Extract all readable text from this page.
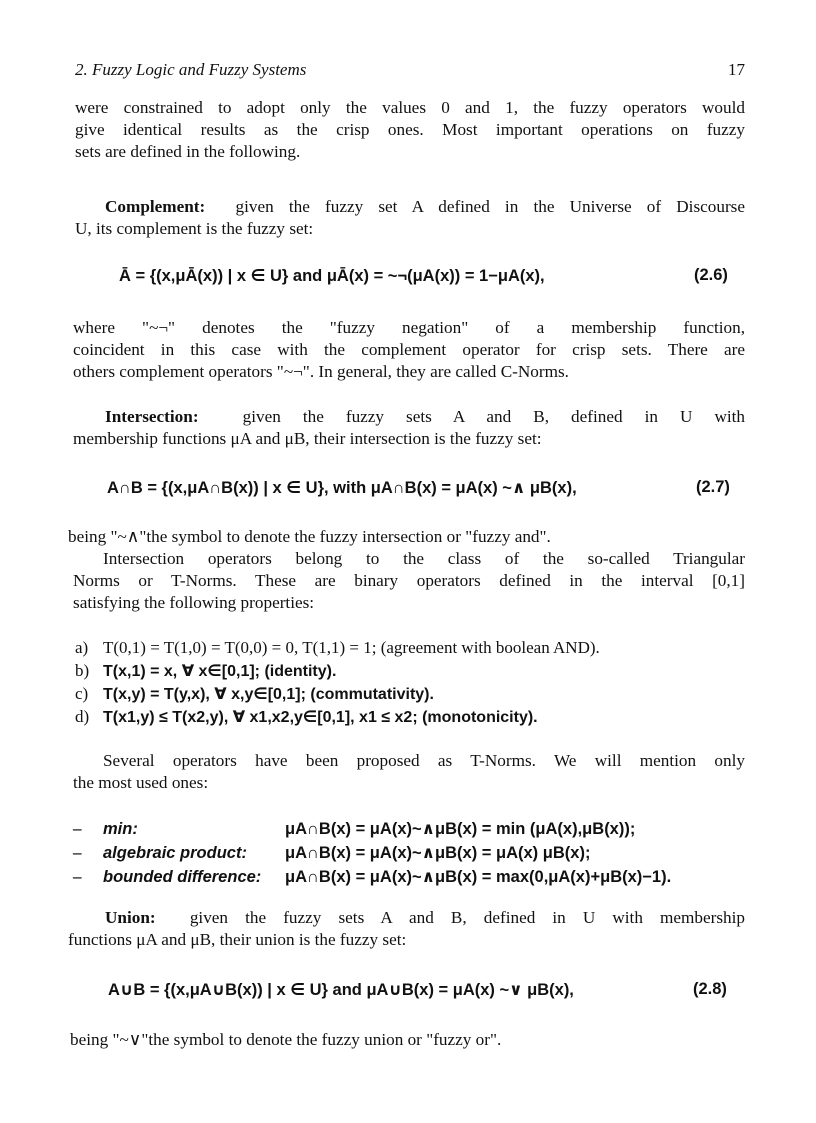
2. Fuzzy Logic and Fuzzy Systems	17
were constrained to adopt only the values 0 and 1, the fuzzy operators would
give identical results as the crisp ones. Most important operations on fuzzy
sets are defined in the following.
Complement: given the fuzzy set A defined in the Universe of Discourse
U, its complement is the fuzzy set:
Ā = {(x,μĀ(x)) | x ∈ U} and μĀ(x) = ~¬(μA(x)) = 1−μA(x),	(2.6)
where "~¬" denotes the "fuzzy negation" of a membership function,
coincident in this case with the complement operator for crisp sets. There are
others complement operators "~¬". In general, they are called C-Norms.
Intersection:	given the fuzzy sets A and B, defined in U with
membership functions μA and μB, their intersection is the fuzzy set:
A∩B = {(x,μA∩B(x)) | x ∈ U}, with μA∩B(x) = μA(x) ~∧ μB(x),	(2.7)
being "~∧"the symbol to denote the fuzzy intersection or "fuzzy and".
Intersection operators belong to the class of the so-called Triangular
Norms or T-Norms. These are binary operators defined in the interval [0,1]
satisfying the following properties:
a) T(0,1) = T(1,0) = T(0,0) = 0, T(1,1) = 1; (agreement with boolean AND).
b) T(x,1) = x, ∀ x∈[0,1]; (identity).
c) T(x,y) = T(y,x), ∀ x,y∈[0,1]; (commutativity).
d) T(x1,y) ≤ T(x2,y), ∀ x1,x2,y∈[0,1], x1 ≤ x2; (monotonicity).
Several operators have been proposed as T-Norms. We will mention only
the most used ones:
– min:	μA∩B(x) = μA(x)~∧μB(x) = min (μA(x),μB(x));
– algebraic product: μA∩B(x) = μA(x)~∧μB(x) = μA(x) μB(x);
– bounded difference: μA∩B(x) = μA(x)~∧μB(x) = max(0,μA(x)+μB(x)−1).
Union: given the fuzzy sets A and B, defined in U with membership
functions μA and μB, their union is the fuzzy set:
A∪B = {(x,μA∪B(x)) | x ∈ U} and μA∪B(x) = μA(x) ~∨ μB(x),	(2.8)
being "~∨"the symbol to denote the fuzzy union or "fuzzy or".
